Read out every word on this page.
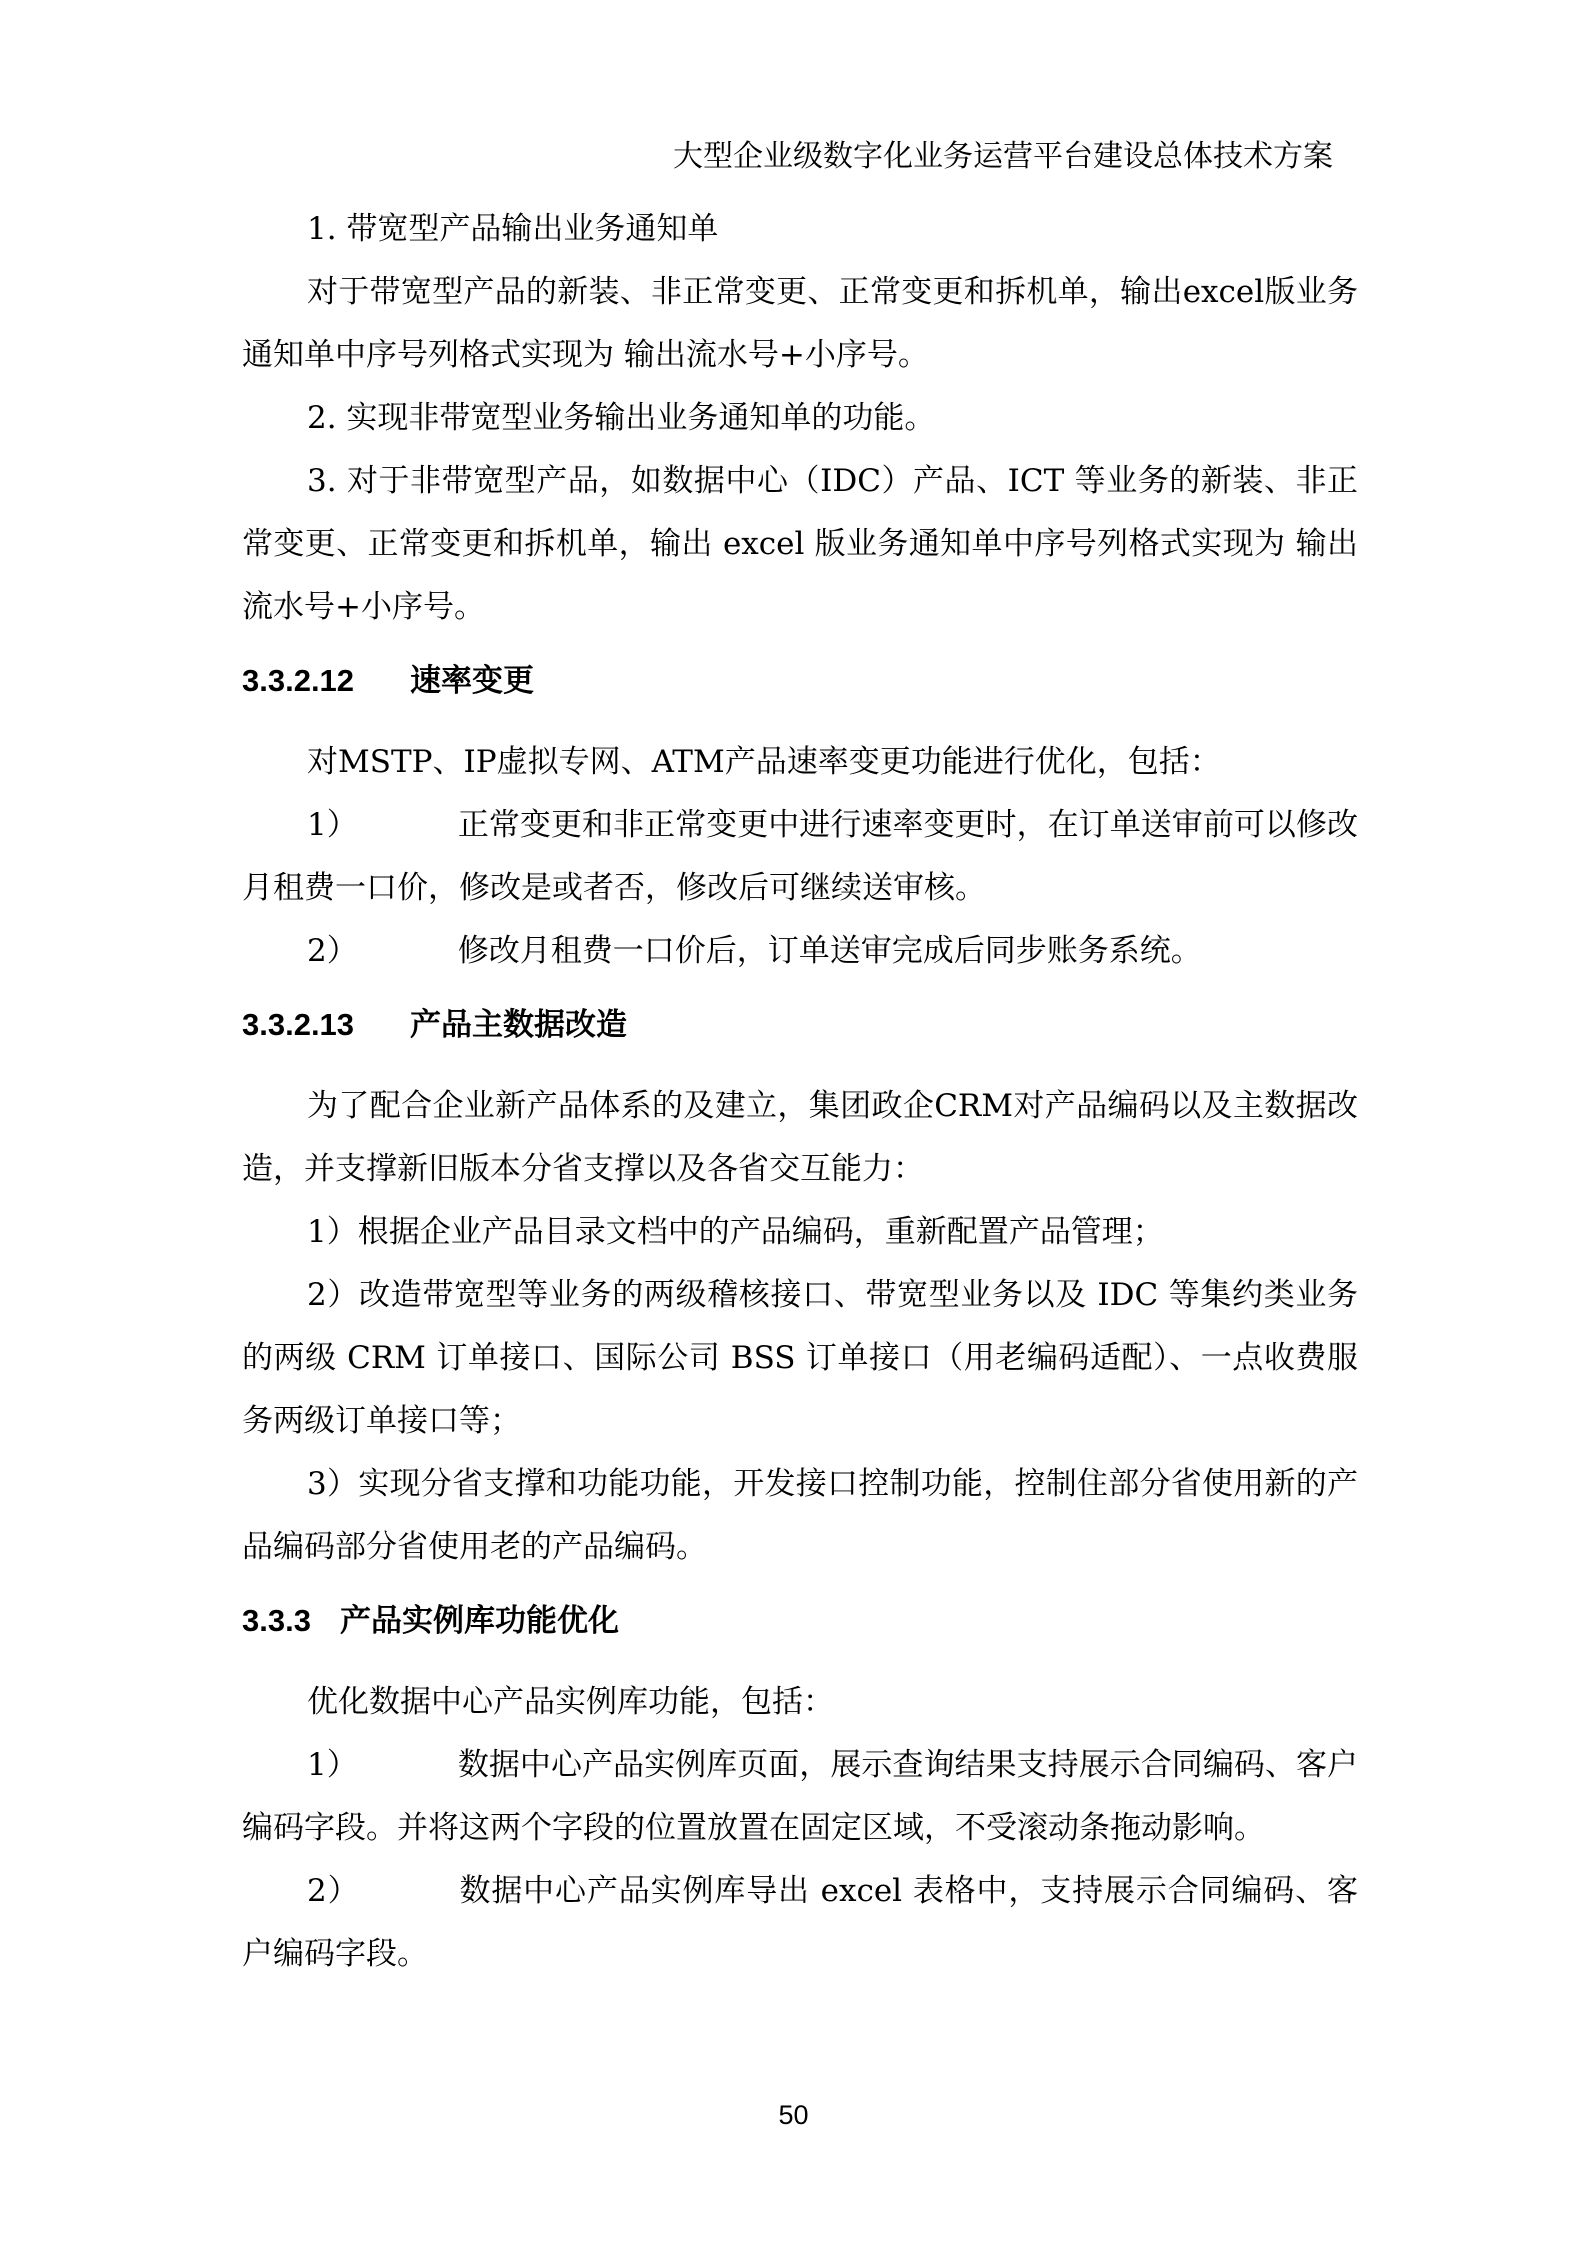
大型企业级数字化业务运营平台建设总体技术方案

1. 带宽型产品输出业务通知单

对于带宽型产品的新装、非正常变更、正常变更和拆机单，输出excel版业务通知单中序号列格式实现为 输出流水号+小序号。

2. 实现非带宽型业务输出业务通知单的功能。

3. 对于非带宽型产品，如数据中心（IDC）产品、ICT 等业务的新装、非正常变更、正常变更和拆机单，输出 excel 版业务通知单中序号列格式实现为 输出流水号+小序号。

3.3.2.12 速率变更

对MSTP、IP虚拟专网、ATM产品速率变更功能进行优化，包括：

1）	正常变更和非正常变更中进行速率变更时，在订单送审前可以修改月租费一口价，修改是或者否，修改后可继续送审核。

2）	修改月租费一口价后，订单送审完成后同步账务系统。

3.3.2.13 产品主数据改造

为了配合企业新产品体系的及建立，集团政企CRM对产品编码以及主数据改造，并支撑新旧版本分省支撑以及各省交互能力：

1）根据企业产品目录文档中的产品编码，重新配置产品管理；

2）改造带宽型等业务的两级稽核接口、带宽型业务以及 IDC 等集约类业务的两级 CRM 订单接口、国际公司 BSS 订单接口（用老编码适配）、一点收费服务两级订单接口等；

3）实现分省支撑和功能功能，开发接口控制功能，控制住部分省使用新的产品编码部分省使用老的产品编码。

3.3.3 产品实例库功能优化

优化数据中心产品实例库功能，包括：

1）	数据中心产品实例库页面，展示查询结果支持展示合同编码、客户编码字段。并将这两个字段的位置放置在固定区域，不受滚动条拖动影响。

2）	数据中心产品实例库导出 excel 表格中，支持展示合同编码、客户编码字段。

50
